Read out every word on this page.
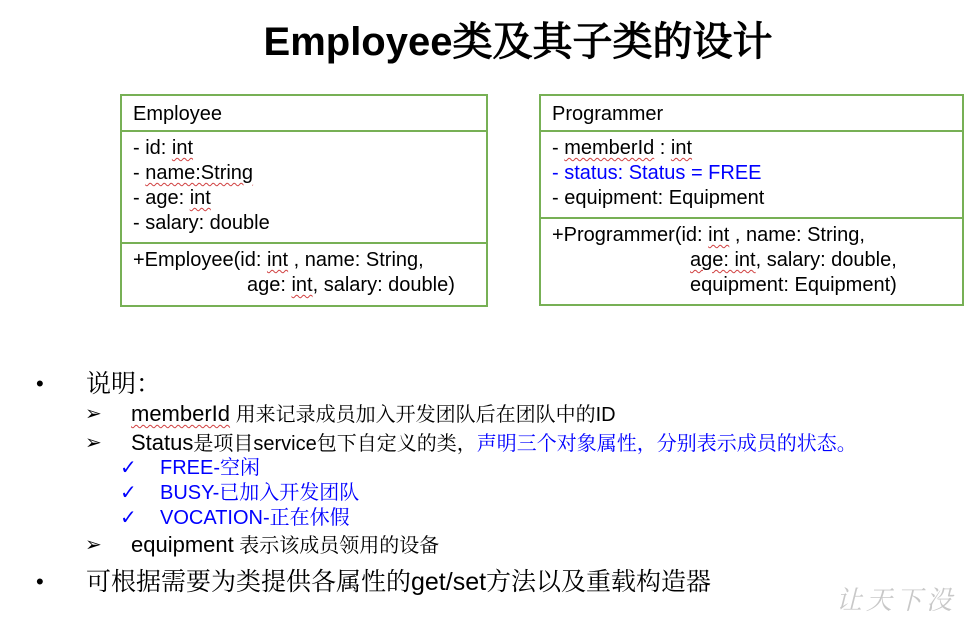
Employee类及其子类的设计
Employee
- id: int
- name:String
- age: int
- salary: double
+Employee(id: int , name: String,
age: int, salary: double)
Programmer
- memberId : int
- status: Status = FREE
- equipment: Equipment
+Programmer(id: int , name: String,
age: int, salary: double,
equipment: Equipment)
• 说明：
➢ memberId 用来记录成员加入开发团队后在团队中的ID
➢ Status是项目service包下自定义的类，声明三个对象属性，分别表示成员的状态。
✓ FREE-空闲
✓ BUSY-已加入开发团队
✓ VOCATION-正在休假
➢ equipment 表示该成员领用的设备
• 可根据需要为类提供各属性的get/set方法以及重载构造器
让天下没
